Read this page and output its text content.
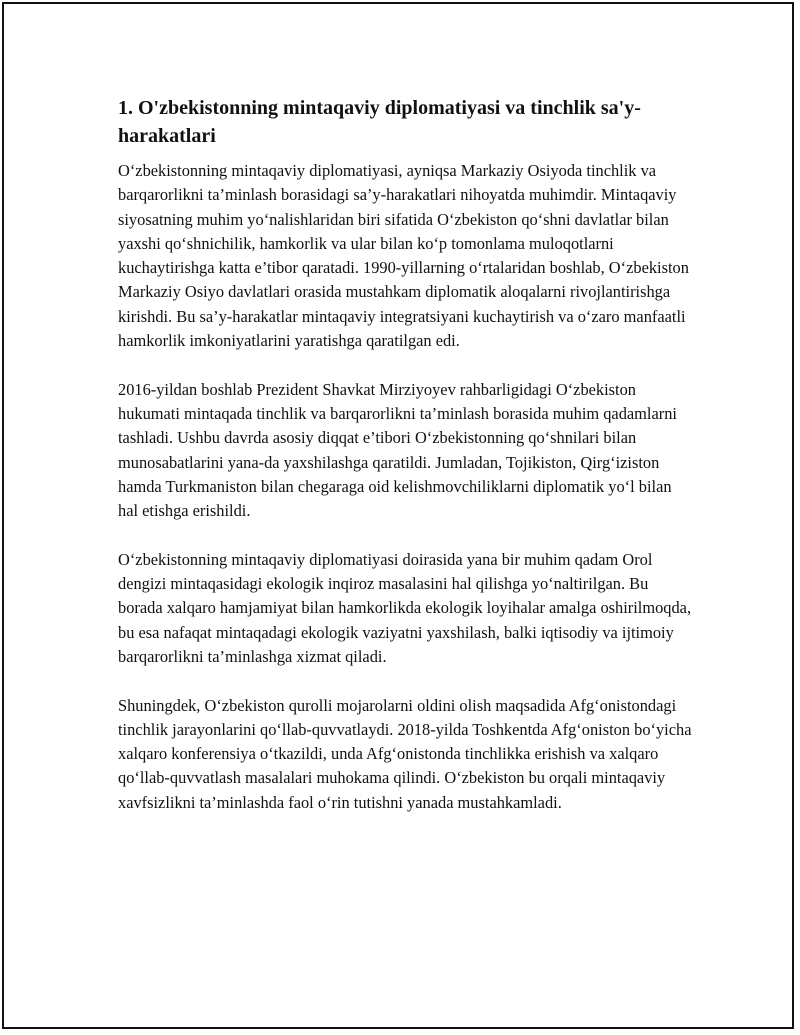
1. O'zbekistonning mintaqaviy diplomatiyasi va tinchlik sa'y-harakatlari

O‘zbekistonning mintaqaviy diplomatiyasi, ayniqsa Markaziy Osiyoda tinchlik va barqarorlikni ta’minlash borasidagi sa’y-harakatlari nihoyatda muhimdir. Mintaqaviy siyosatning muhim yo‘nalishlaridan biri sifatida O‘zbekiston qo‘shni davlatlar bilan yaxshi qo‘shnichilik, hamkorlik va ular bilan ko‘p tomonlama muloqotlarni kuchaytirishga katta e’tibor qaratadi. 1990-yillarning o‘rtalaridan boshlab, O‘zbekiston Markaziy Osiyo davlatlari orasida mustahkam diplomatik aloqalarni rivojlantirishga kirishdi. Bu sa’y-harakatlar mintaqaviy integratsiyani kuchaytirish va o‘zaro manfaatli hamkorlik imkoniyatlarini yaratishga qaratilgan edi.

2016-yildan boshlab Prezident Shavkat Mirziyoyev rahbarligidagi O‘zbekiston hukumati mintaqada tinchlik va barqarorlikni ta’minlash borasida muhim qadamlarni tashladi. Ushbu davrda asosiy diqqat e’tibori O‘zbekistonning qo‘shnilari bilan munosabatlarini yana-da yaxshilashga qaratildi. Jumladan, Tojikiston, Qirg‘iziston hamda Turkmaniston bilan chegaraga oid kelishmovchiliklarni diplomatik yo‘l bilan hal etishga erishildi.

O‘zbekistonning mintaqaviy diplomatiyasi doirasida yana bir muhim qadam Orol dengizi mintaqasidagi ekologik inqiroz masalasini hal qilishga yo‘naltirilgan. Bu borada xalqaro hamjamiyat bilan hamkorlikda ekologik loyihalar amalga oshirilmoqda, bu esa nafaqat mintaqadagi ekologik vaziyatni yaxshilash, balki iqtisodiy va ijtimoiy barqarorlikni ta’minlashga xizmat qiladi.

Shuningdek, O‘zbekiston qurolli mojarolarni oldini olish maqsadida Afg‘onistondagi tinchlik jarayonlarini qo‘llab-quvvatlaydi. 2018-yilda Toshkentda Afg‘oniston bo‘yicha xalqaro konferensiya o‘tkazildi, unda Afg‘onistonda tinchlikka erishish va xalqaro qo‘llab-quvvatlash masalalari muhokama qilindi. O‘zbekiston bu orqali mintaqaviy xavfsizlikni ta’minlashda faol o‘rin tutishni yanada mustahkamladi.
